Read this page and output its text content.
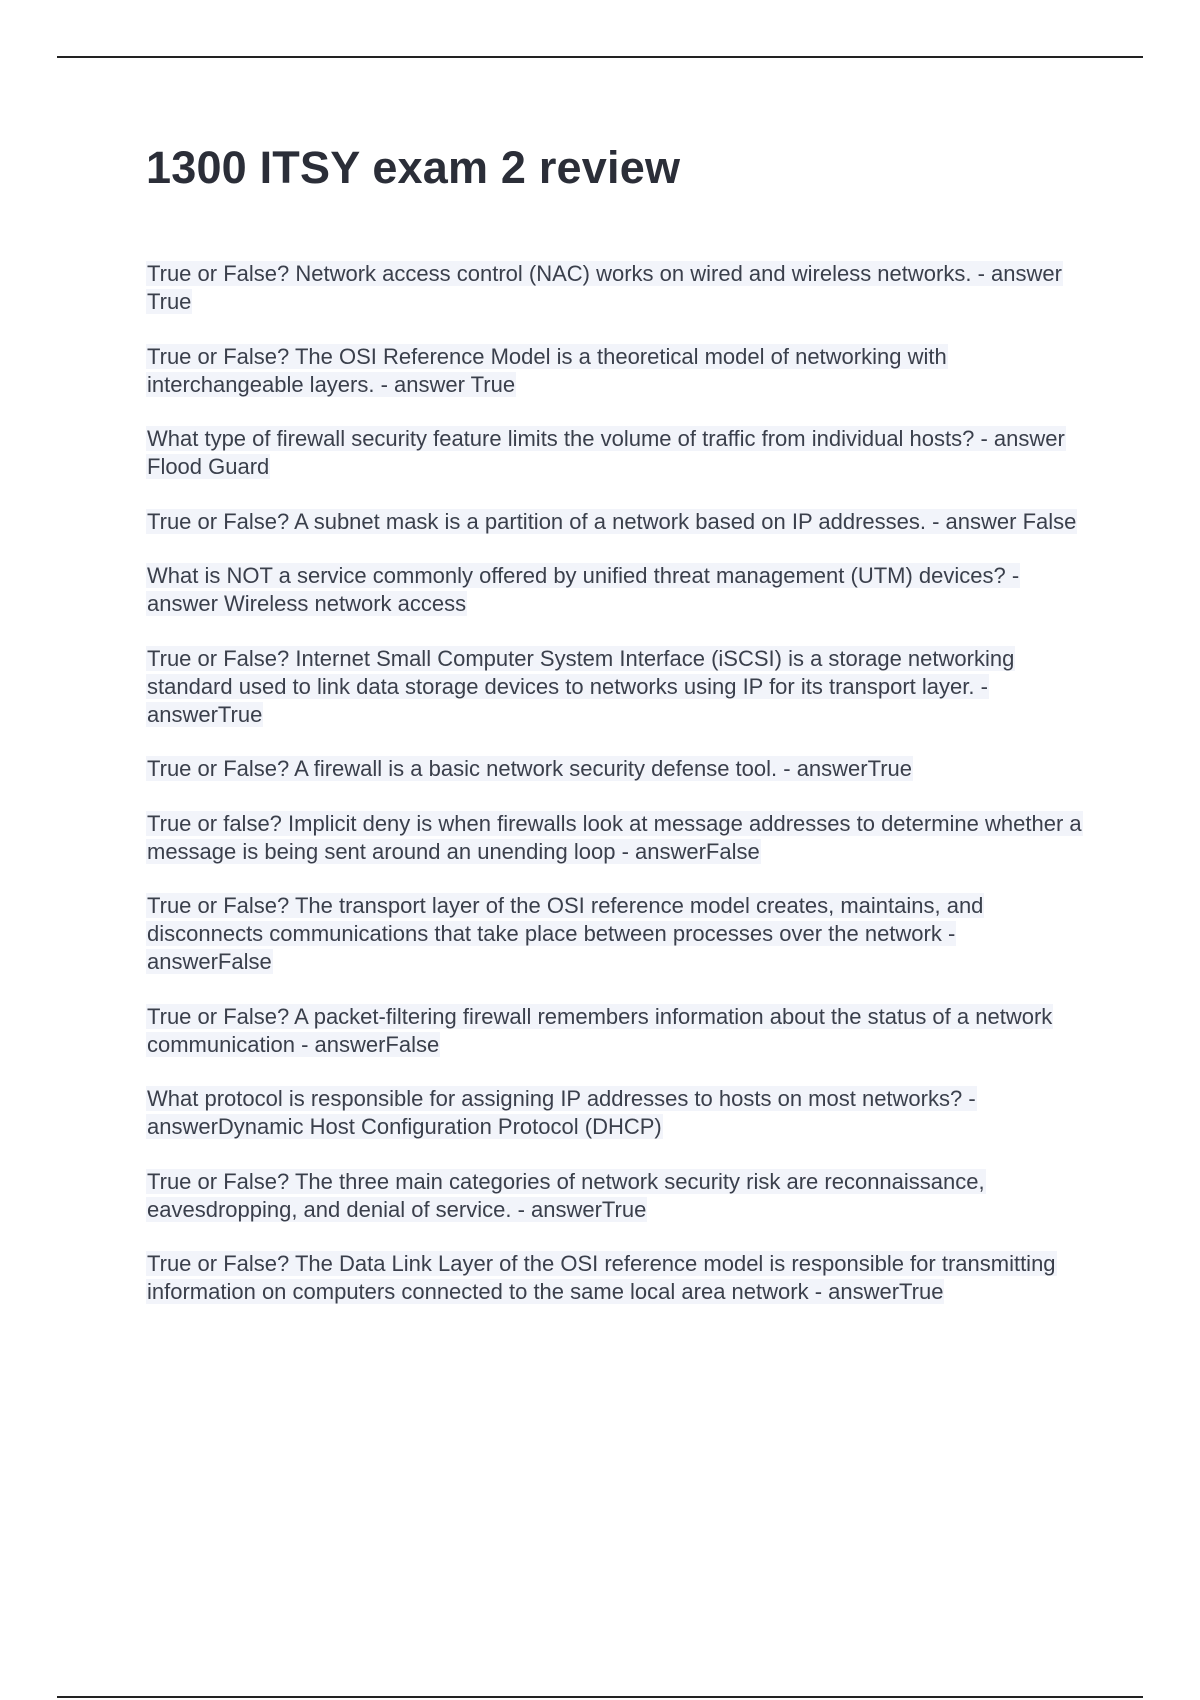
1300 ITSY exam 2 review
True or False? Network access control (NAC) works on wired and wireless networks. - answer True
True or False? The OSI Reference Model is a theoretical model of networking with interchangeable layers. - answer True
What type of firewall security feature limits the volume of traffic from individual hosts? - answer Flood Guard
True or False? A subnet mask is a partition of a network based on IP addresses. - answer False
What is NOT a service commonly offered by unified threat management (UTM) devices? - answer Wireless network access
True or False? Internet Small Computer System Interface (iSCSI) is a storage networking standard used to link data storage devices to networks using IP for its transport layer. - answerTrue
True or False? A firewall is a basic network security defense tool. - answerTrue
True or false? Implicit deny is when firewalls look at message addresses to determine whether a message is being sent around an unending loop - answerFalse
True or False? The transport layer of the OSI reference model creates, maintains, and disconnects communications that take place between processes over the network - answerFalse
True or False? A packet-filtering firewall remembers information about the status of a network communication - answerFalse
What protocol is responsible for assigning IP addresses to hosts on most networks? - answerDynamic Host Configuration Protocol (DHCP)
True or False? The three main categories of network security risk are reconnaissance, eavesdropping, and denial of service. - answerTrue
True or False? The Data Link Layer of the OSI reference model is responsible for transmitting information on computers connected to the same local area network - answerTrue
